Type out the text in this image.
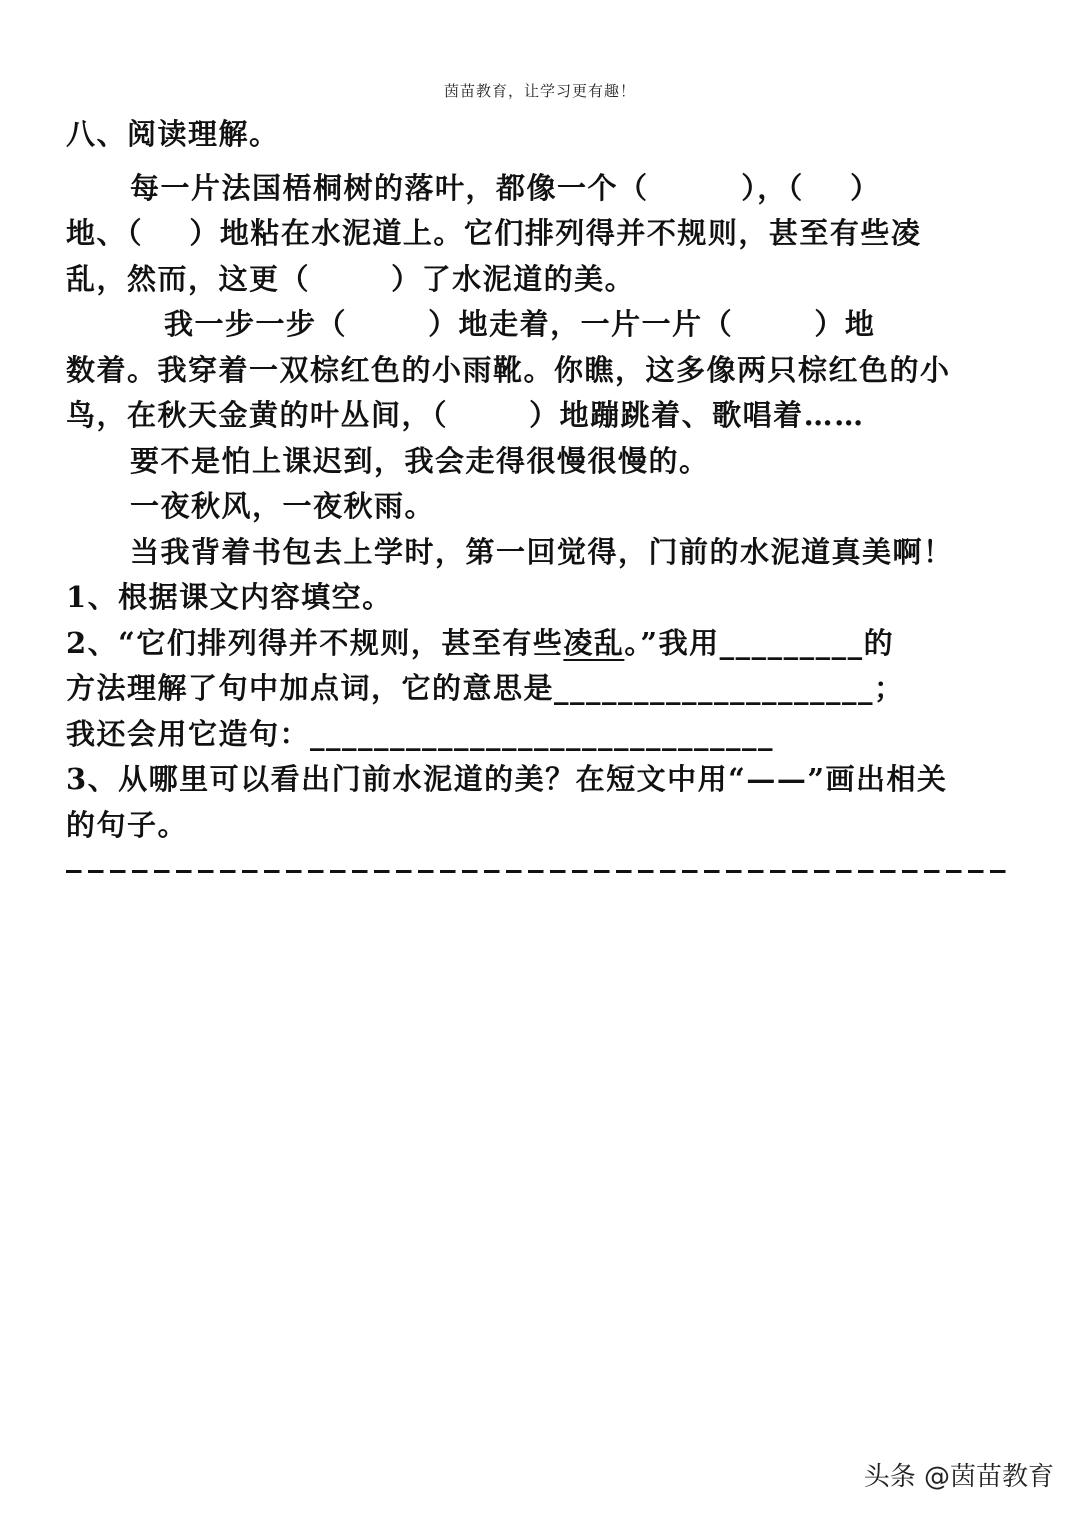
茵苗教育，让学习更有趣！
八、阅读理解。
每一片法国梧桐树的落叶，都像一个（        ），（    ）
地、（    ）地粘在水泥道上。它们排列得并不规则，甚至有些凌
乱，然而，这更（       ）了水泥道的美。
我一步一步（       ）地走着，一片一片（       ）地
数着。我穿着一双棕红色的小雨靴。你瞧，这多像两只棕红色的小
鸟，在秋天金黄的叶丛间，（       ）地蹦跳着、歌唱着……
要不是怕上课迟到，我会走得很慢很慢的。
一夜秋风，一夜秋雨。
当我背着书包去上学时，第一回觉得，门前的水泥道真美啊！
1、根据课文内容填空。
2、“它们排列得并不规则，甚至有些凌乱。”我用_________的
方法理解了句中加点词，它的意思是____________________；
我还会用它造句：_____________________________
3、从哪里可以看出门前水泥道的美？在短文中用“——”画出相关
的句子。
头条 @茵苗教育
